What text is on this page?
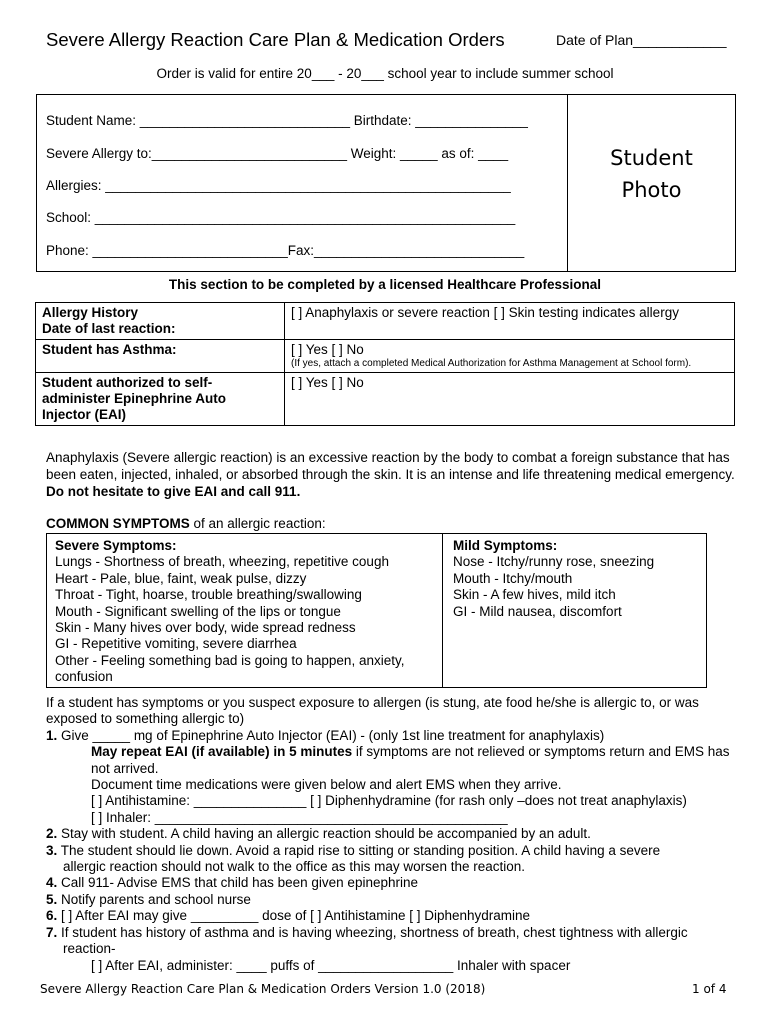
Severe Allergy Reaction Care Plan & Medication Orders	Date of Plan____________
Order is valid for entire 20___ - 20___ school year to include summer school
Student
Photo
Student Name: ____________________________ Birthdate: _______________
Severe Allergy to:__________________________ Weight: _____ as of: ____
Allergies: ______________________________________________________
School: ________________________________________________________
Phone: __________________________Fax:____________________________
This section to be completed by a licensed Healthcare Professional
Allergy History
Date of last reaction:	[ ] Anaphylaxis or severe reaction [ ] Skin testing indicates allergy
Student has Asthma:	[ ] Yes [ ] No
(If yes, attach a completed Medical Authorization for Asthma Management at School form).

Student authorized to self-administer Epinephrine Auto Injector (EAI)	[ ] Yes [ ] No
Anaphylaxis (Severe allergic reaction) is an excessive reaction by the body to combat a foreign substance that has been eaten, injected, inhaled, or absorbed through the skin. It is an intense and life threatening medical emergency. Do not hesitate to give EAI and call 911.
COMMON SYMPTOMS of an allergic reaction:
Severe Symptoms:
Lungs - Shortness of breath, wheezing, repetitive cough
Heart - Pale, blue, faint, weak pulse, dizzy
Throat - Tight, hoarse, trouble breathing/swallowing
Mouth - Significant swelling of the lips or tongue
Skin - Many hives over body, wide spread redness
GI - Repetitive vomiting, severe diarrhea
Other - Feeling something bad is going to happen, anxiety, confusion
Mild Symptoms:
Nose - Itchy/runny rose, sneezing
Mouth - Itchy/mouth
Skin - A few hives, mild itch
GI - Mild nausea, discomfort
If a student has symptoms or you suspect exposure to allergen (is stung, ate food he/she is allergic to, or was exposed to something allergic to)
1. Give _____ mg of Epinephrine Auto Injector (EAI) - (only 1st line treatment for anaphylaxis)
May repeat EAI (if available) in 5 minutes if symptoms are not relieved or symptoms return and EMS has not arrived.
Document time medications were given below and alert EMS when they arrive.
[ ] Antihistamine: _______________ [ ] Diphenhydramine (for rash only –does not treat anaphylaxis)
[ ] Inhaler: _______________________________________________
2. Stay with student. A child having an allergic reaction should be accompanied by an adult.
3. The student should lie down. Avoid a rapid rise to sitting or standing position. A child having a severe
allergic reaction should not walk to the office as this may worsen the reaction.
4. Call 911- Advise EMS that child has been given epinephrine
5. Notify parents and school nurse
6. [ ] After EAI may give _________ dose of [ ] Antihistamine [ ] Diphenhydramine
7. If student has history of asthma and is having wheezing, shortness of breath, chest tightness with allergic
reaction-
[ ] After EAI, administer: ____ puffs of __________________ Inhaler with spacer
Severe Allergy Reaction Care Plan & Medication Orders Version 1.0 (2018)	1 of 4
